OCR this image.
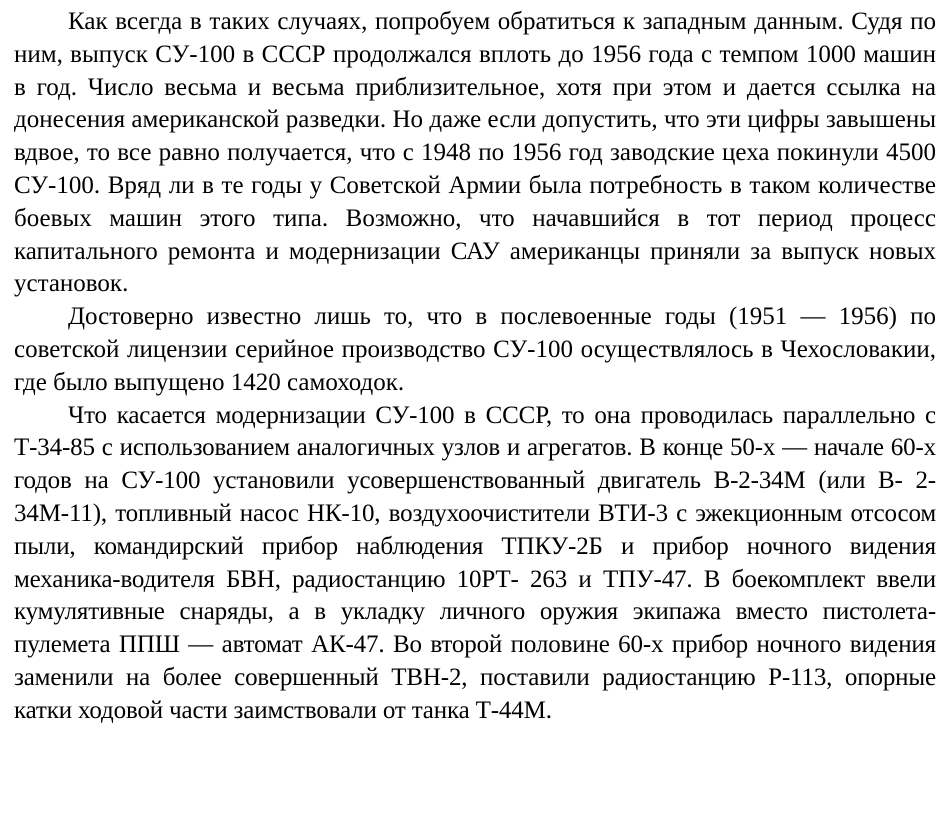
Как всегда в таких случаях, попробуем обратиться к западным данным. Судя по ним, выпуск СУ-100 в СССР продолжался вплоть до 1956 года с темпом 1000 машин в год. Число весьма и весьма приблизительное, хотя при этом и дается ссылка на донесения американской разведки. Но даже если допустить, что эти цифры завышены вдвое, то все равно получается, что с 1948 по 1956 год заводские цеха покинули 4500 СУ-100. Вряд ли в те годы у Советской Армии была потребность в таком количестве боевых машин этого типа. Возможно, что начавшийся в тот период процесс капитального ремонта и модернизации САУ американцы приняли за выпуск новых установок.

Достоверно известно лишь то, что в послевоенные годы (1951 — 1956) по советской лицензии серийное производство СУ-100 осуществлялось в Чехословакии, где было выпущено 1420 самоходок.

Что касается модернизации СУ-100 в СССР, то она проводилась параллельно с Т-34-85 с использованием аналогичных узлов и агрегатов. В конце 50-х — начале 60-х годов на СУ-100 установили усовершенствованный двигатель В-2-34М (или В- 2-34М-11), топливный насос НК-10, воздухоочистители ВТИ-3 с эжекционным отсосом пыли, командирский прибор наблюдения ТПКУ-2Б и прибор ночного видения механика-водителя БВН, радиостанцию 10РТ- 263 и ТПУ-47. В боекомплект ввели кумулятивные снаряды, а в укладку личного оружия экипажа вместо пистолета-пулемета ППШ — автомат АК-47. Во второй половине 60-х прибор ночного видения заменили на более совершенный ТВН-2, поставили радиостанцию Р-113, опорные катки ходовой части заимствовали от танка Т-44М.
